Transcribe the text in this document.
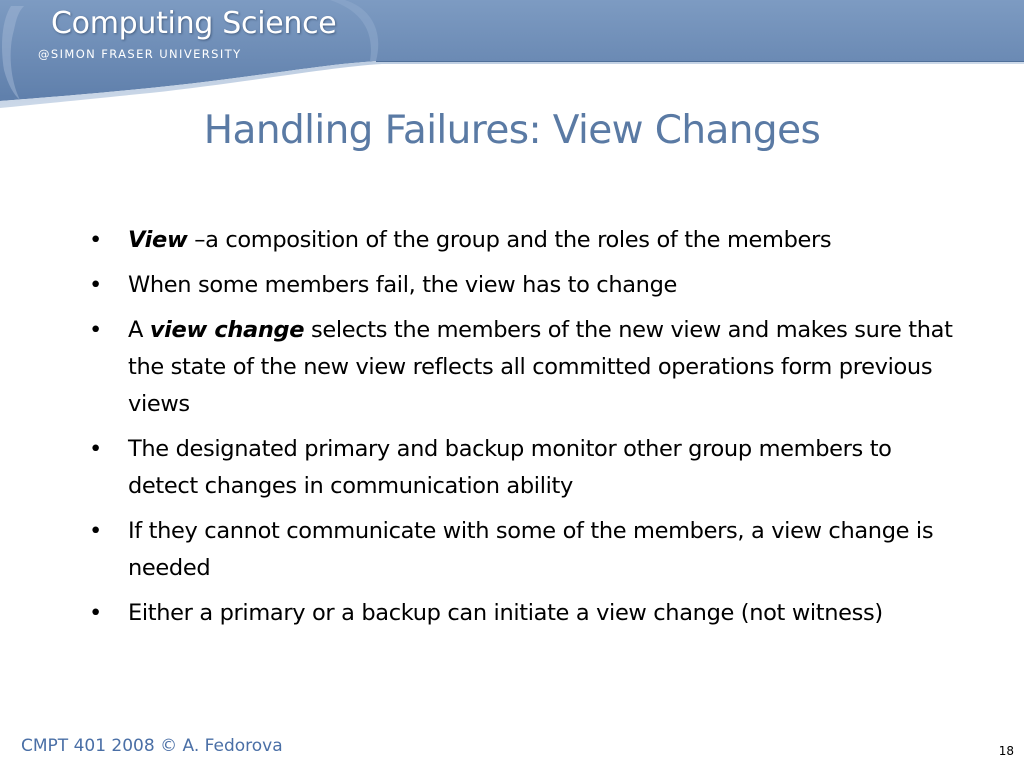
Computing Science
@SIMON FRASER UNIVERSITY
Handling Failures: View Changes
• View –a composition of the group and the roles of the members
• When some members fail, the view has to change
• A view change selects the members of the new view and makes sure that the state of the new view reflects all committed operations form previous views
• The designated primary and backup monitor other group members to detect changes in communication ability
• If they cannot communicate with some of the members, a view change is needed
• Either a primary or a backup can initiate a view change (not witness)
CMPT 401 2008 © A. Fedorova	18
